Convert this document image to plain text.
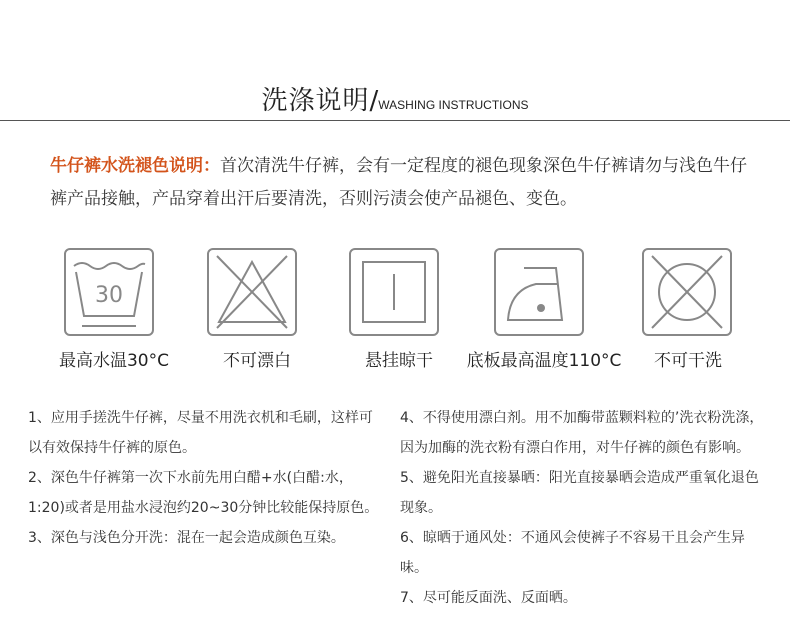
洗涤说明/WASHING INSTRUCTIONS
牛仔裤水洗褪色说明：首次清洗牛仔裤，会有一定程度的褪色现象深色牛仔裤请勿与浅色牛仔裤产品接触，产品穿着出汗后要清洗，否则污渍会使产品褪色、变色。
30
最高水温30°C	不可漂白	悬挂晾干	底板最高温度110°C	不可干洗

1、应用手搓洗牛仔裤，尽量不用洗衣机和毛刷，这样可以有效保持牛仔裤的原色。

2、深色牛仔裤第一次下水前先用白醋+水(白醋:水，1:20)或者是用盐水浸泡约20~30分钟比较能保持原色。

3、深色与浅色分开洗：混在一起会造成颜色互染。

4、不得使用漂白剂。用不加酶带蓝颗料粒的’洗衣粉洗涤，因为加酶的洗衣粉有漂白作用，对牛仔裤的颜色有影响。

5、避免阳光直接暴晒：阳光直接暴晒会造成严重氧化退色现象。

6、晾晒于通风处：不通风会使裤子不容易干且会产生异味。

7、尽可能反面洗、反面晒。
